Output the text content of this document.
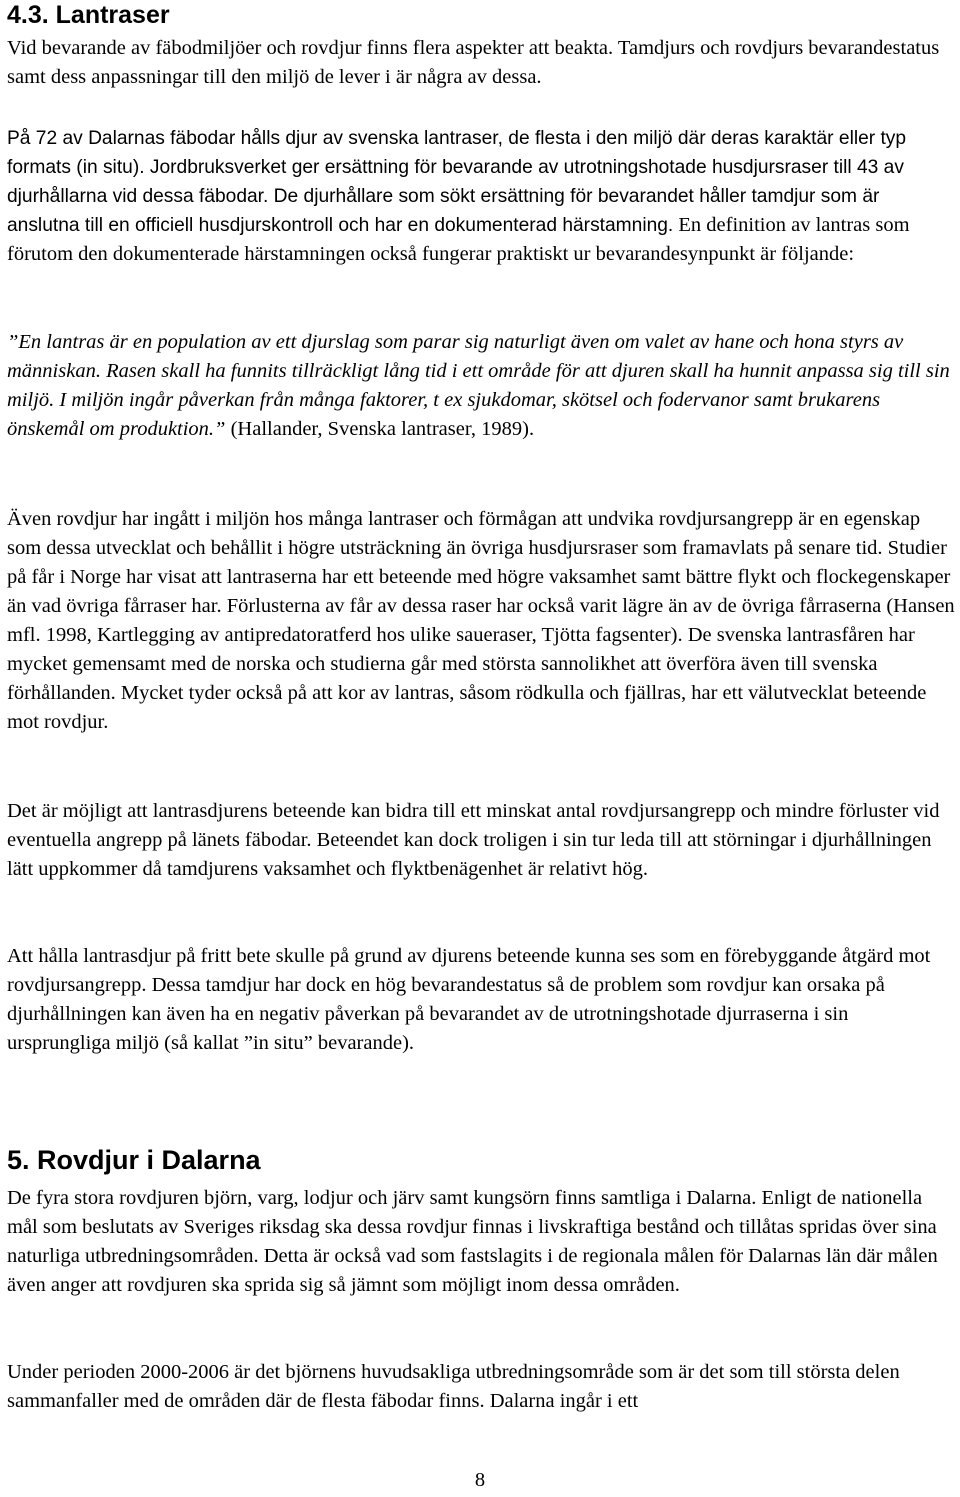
4.3. Lantraser

Vid bevarande av fäbodmiljöer och rovdjur finns flera aspekter att beakta. Tamdjurs och rovdjurs bevarandestatus samt dess anpassningar till den miljö de lever i är några av dessa.

På 72 av Dalarnas fäbodar hålls djur av svenska lantraser, de flesta i den miljö där deras karaktär eller typ formats (in situ). Jordbruksverket ger ersättning för bevarande av utrotningshotade husdjursraser till 43 av djurhållarna vid dessa fäbodar. De djurhållare som sökt ersättning för bevarandet håller tamdjur som är anslutna till en officiell husdjurskontroll och har en dokumenterad härstamning. En definition av lantras som förutom den dokumenterade härstamningen också fungerar praktiskt ur bevarandesynpunkt är följande:

”En lantras är en population av ett djurslag som parar sig naturligt även om valet av hane och hona styrs av människan. Rasen skall ha funnits tillräckligt lång tid i ett område för att djuren skall ha hunnit anpassa sig till sin miljö. I miljön ingår påverkan från många faktorer, t ex sjukdomar, skötsel och fodervanor samt brukarens önskemål om produktion.” (Hallander, Svenska lantraser, 1989).

Även rovdjur har ingått i miljön hos många lantraser och förmågan att undvika rovdjursangrepp är en egenskap som dessa utvecklat och behållit i högre utsträckning än övriga husdjursraser som framavlats på senare tid. Studier på får i Norge har visat att lantraserna har ett beteende med högre vaksamhet samt bättre flykt och flockegenskaper än vad övriga fårraser har. Förlusterna av får av dessa raser har också varit lägre än av de övriga fårraserna (Hansen mfl. 1998, Kartlegging av antipredatoratferd hos ulike saueraser, Tjötta fagsenter). De svenska lantrasfåren har mycket gemensamt med de norska och studierna går med största sannolikhet att överföra även till svenska förhållanden. Mycket tyder också på att kor av lantras, såsom rödkulla och fjällras, har ett välutvecklat beteende mot rovdjur.

Det är möjligt att lantrasdjurens beteende kan bidra till ett minskat antal rovdjursangrepp och mindre förluster vid eventuella angrepp på länets fäbodar. Beteendet kan dock troligen i sin tur leda till att störningar i djurhållningen lätt uppkommer då tamdjurens vaksamhet och flyktbenägenhet är relativt hög.

Att hålla lantrasdjur på fritt bete skulle på grund av djurens beteende kunna ses som en förebyggande åtgärd mot rovdjursangrepp. Dessa tamdjur har dock en hög bevarandestatus så de problem som rovdjur kan orsaka på djurhållningen kan även ha en negativ påverkan på bevarandet av de utrotningshotade djurraserna i sin ursprungliga miljö (så kallat ”in situ” bevarande).

5. Rovdjur i Dalarna

De fyra stora rovdjuren björn, varg, lodjur och järv samt kungsörn finns samtliga i Dalarna. Enligt de nationella mål som beslutats av Sveriges riksdag ska dessa rovdjur finnas i livskraftiga bestånd och tillåtas spridas över sina naturliga utbredningsområden. Detta är också vad som fastslagits i de regionala målen för Dalarnas län där målen även anger att rovdjuren ska sprida sig så jämnt som möjligt inom dessa områden.

Under perioden 2000-2006 är det björnens huvudsakliga utbredningsområde som är det som till största delen sammanfaller med de områden där de flesta fäbodar finns. Dalarna ingår i ett

8
